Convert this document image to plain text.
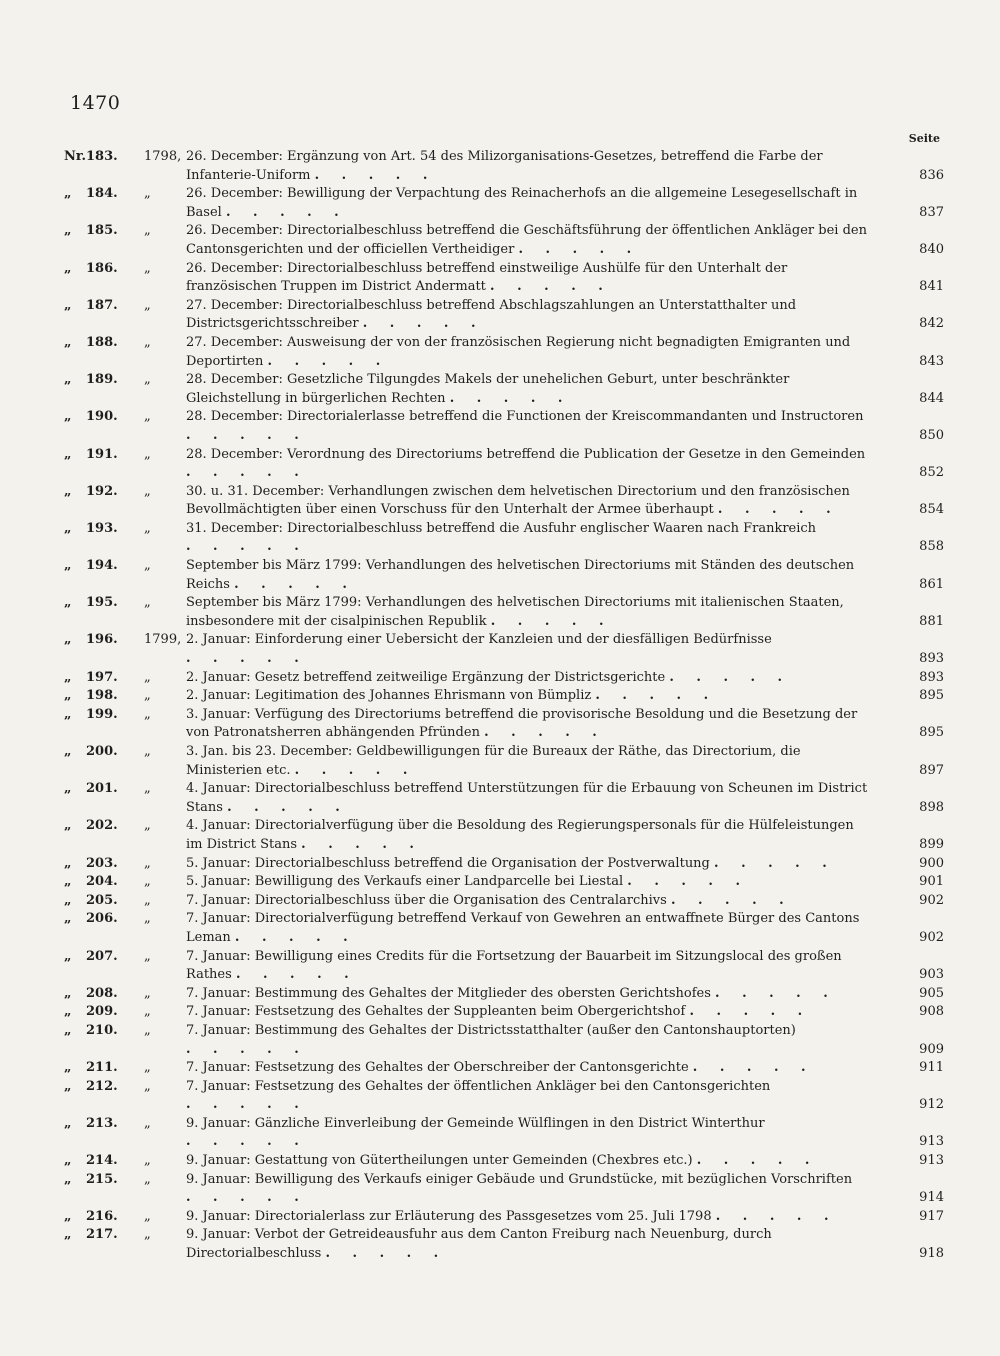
1470
Seite
Nr.183.	1798, 26. December: Ergänzung von Art. 54 des Milizorganisations-Gesetzes, betreffend die Farbe der Infanterie-Uniform . . . . .	836
„ 184.	„	26. December: Bewilligung der Verpachtung des Reinacherhofs an die allgemeine Lesegesellschaft in Basel . . . . .	837
„ 185.	„	26. December: Directorialbeschluss betreffend die Geschäftsführung der öffentlichen Ankläger bei den Cantonsgerichten und der officiellen Vertheidiger . . . . .	840
„ 186.	„	26. December: Directorialbeschluss betreffend einstweilige Aushülfe für den Unterhalt der französischen Truppen im District Andermatt . . . . .	841
„ 187.	„	27. December: Directorialbeschluss betreffend Abschlagszahlungen an Unterstatthalter und Districtsgerichtsschreiber . . . . .	842
„ 188.	„	27. December: Ausweisung der von der französischen Regierung nicht begnadigten Emigranten und Deportirten . . . . .	843
„ 189.	„	28. December: Gesetzliche Tilgungdes Makels der unehelichen Geburt, unter beschränkter Gleichstellung in bürgerlichen Rechten . . . . .	844
„ 190.	„	28. December: Directorialerlasse betreffend die Functionen der Kreiscommandanten und Instructoren . . . . .	850
„ 191.	„	28. December: Verordnung des Directoriums betreffend die Publication der Gesetze in den Gemeinden . . . . .	852
„ 192.	„	30. u. 31. December: Verhandlungen zwischen dem helvetischen Directorium und den französischen Bevollmächtigten über einen Vorschuss für den Unterhalt der Armee überhaupt . . . . .	854
„ 193.	„	31. December: Directorialbeschluss betreffend die Ausfuhr englischer Waaren nach Frankreich . . . . .	858
„ 194.	„	September bis März 1799: Verhandlungen des helvetischen Directoriums mit Ständen des deutschen Reichs . . . . .	861
„ 195.	„	September bis März 1799: Verhandlungen des helvetischen Directoriums mit italienischen Staaten, insbesondere mit der cisalpinischen Republik . . . . .	881
„ 196.	1799, 2. Januar: Einforderung einer Uebersicht der Kanzleien und der diesfälligen Bedürfnisse . . . . .	893
„ 197.	„	2. Januar: Gesetz betreffend zeitweilige Ergänzung der Districtsgerichte . . . . .	893
„ 198.	„	2. Januar: Legitimation des Johannes Ehrismann von Bümpliz . . . . .	895
„ 199.	„	3. Januar: Verfügung des Directoriums betreffend die provisorische Besoldung und die Besetzung der von Patronatsherren abhängenden Pfründen . . . . .	895
„ 200.	„	3. Jan. bis 23. December: Geldbewilligungen für die Bureaux der Räthe, das Directorium, die Ministerien etc. . . . . .	897
„ 201.	„	4. Januar: Directorialbeschluss betreffend Unterstützungen für die Erbauung von Scheunen im District Stans . . . . .	898
„ 202.	„	4. Januar: Directorialverfügung über die Besoldung des Regierungspersonals für die Hülfeleistungen im District Stans . . . . .	899
„ 203.	„	5. Januar: Directorialbeschluss betreffend die Organisation der Postverwaltung . . . . .	900
„ 204.	„	5. Januar: Bewilligung des Verkaufs einer Landparcelle bei Liestal . . . . .	901
„ 205.	„	7. Januar: Directorialbeschluss über die Organisation des Centralarchivs . . . . .	902
„ 206.	„	7. Januar: Directorialverfügung betreffend Verkauf von Gewehren an entwaffnete Bürger des Cantons Leman . . . . .	902
„ 207.	„	7. Januar: Bewilligung eines Credits für die Fortsetzung der Bauarbeit im Sitzungslocal des großen Rathes . . . . .	903
„ 208.	„	7. Januar: Bestimmung des Gehaltes der Mitglieder des obersten Gerichtshofes . . . . .	905
„ 209.	„	7. Januar: Festsetzung des Gehaltes der Suppleanten beim Obergerichtshof . . . . .	908
„ 210.	„	7. Januar: Bestimmung des Gehaltes der Districtsstatthalter (außer den Cantonshauptorten) . . . . .	909
„ 211.	„	7. Januar: Festsetzung des Gehaltes der Oberschreiber der Cantonsgerichte . . . . .	911
„ 212.	„	7. Januar: Festsetzung des Gehaltes der öffentlichen Ankläger bei den Cantonsgerichten . . . . .	912
„ 213.	„	9. Januar: Gänzliche Einverleibung der Gemeinde Wülflingen in den District Winterthur . . . . .	913
„ 214.	„	9. Januar: Gestattung von Gütertheilungen unter Gemeinden (Chexbres etc.) . . . . .	913
„ 215.	„	9. Januar: Bewilligung des Verkaufs einiger Gebäude und Grundstücke, mit bezüglichen Vorschriften . . . . .	914
„ 216.	„	9. Januar: Directorialerlass zur Erläuterung des Passgesetzes vom 25. Juli 1798 . . . . .	917
„ 217.	„	9. Januar: Verbot der Getreideausfuhr aus dem Canton Freiburg nach Neuenburg, durch Directorialbeschluss . . . . .	918
